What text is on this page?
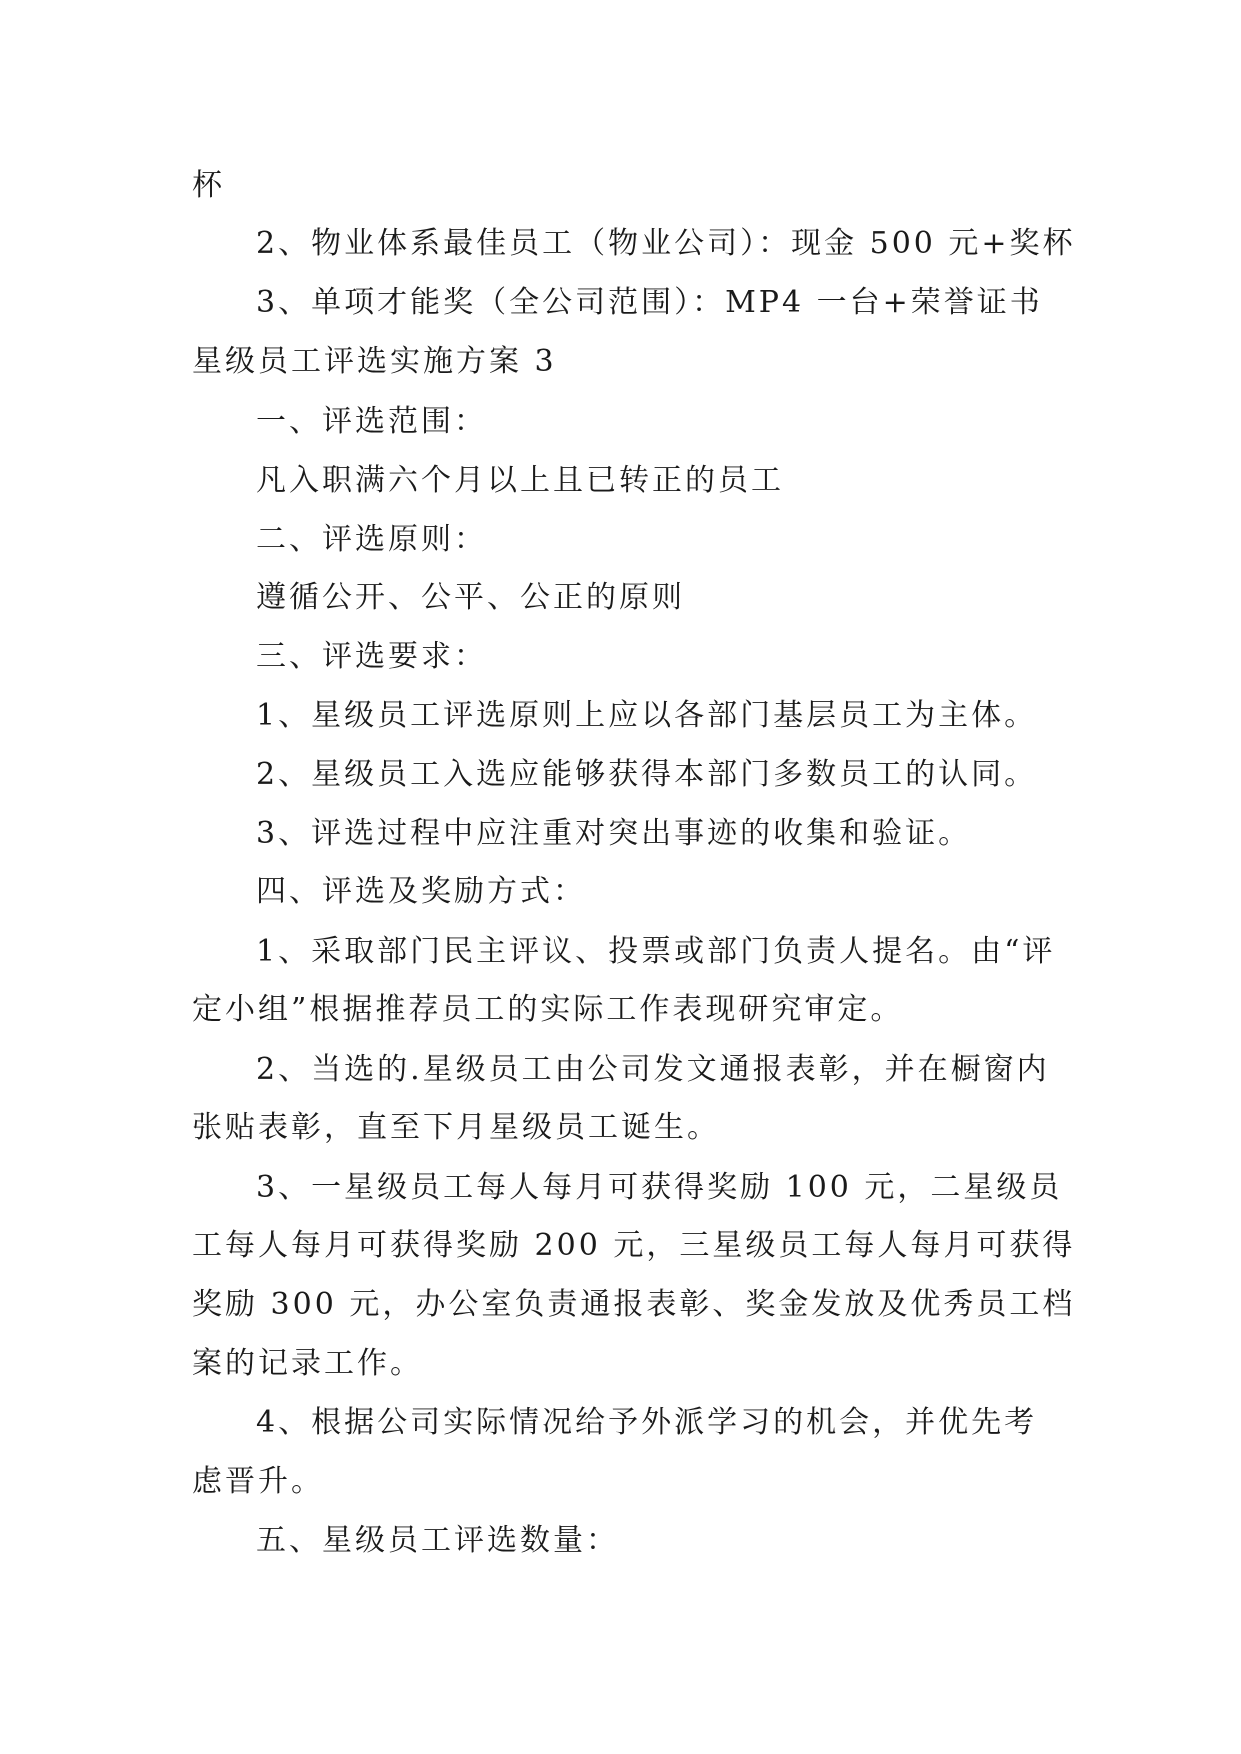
杯
2、物业体系最佳员工（物业公司）：现金 500 元+奖杯
3、单项才能奖（全公司范围）：MP4 一台+荣誉证书
星级员工评选实施方案 3
一、评选范围：
凡入职满六个月以上且已转正的员工
二、评选原则：
遵循公开、公平、公正的原则
三、评选要求：
1、星级员工评选原则上应以各部门基层员工为主体。
2、星级员工入选应能够获得本部门多数员工的认同。
3、评选过程中应注重对突出事迹的收集和验证。
四、评选及奖励方式：
1、采取部门民主评议、投票或部门负责人提名。由“评
定小组”根据推荐员工的实际工作表现研究审定。
2、当选的.星级员工由公司发文通报表彰，并在橱窗内
张贴表彰，直至下月星级员工诞生。
3、一星级员工每人每月可获得奖励 100 元，二星级员
工每人每月可获得奖励 200 元，三星级员工每人每月可获得
奖励 300 元，办公室负责通报表彰、奖金发放及优秀员工档
案的记录工作。
4、根据公司实际情况给予外派学习的机会，并优先考
虑晋升。
五、星级员工评选数量：
